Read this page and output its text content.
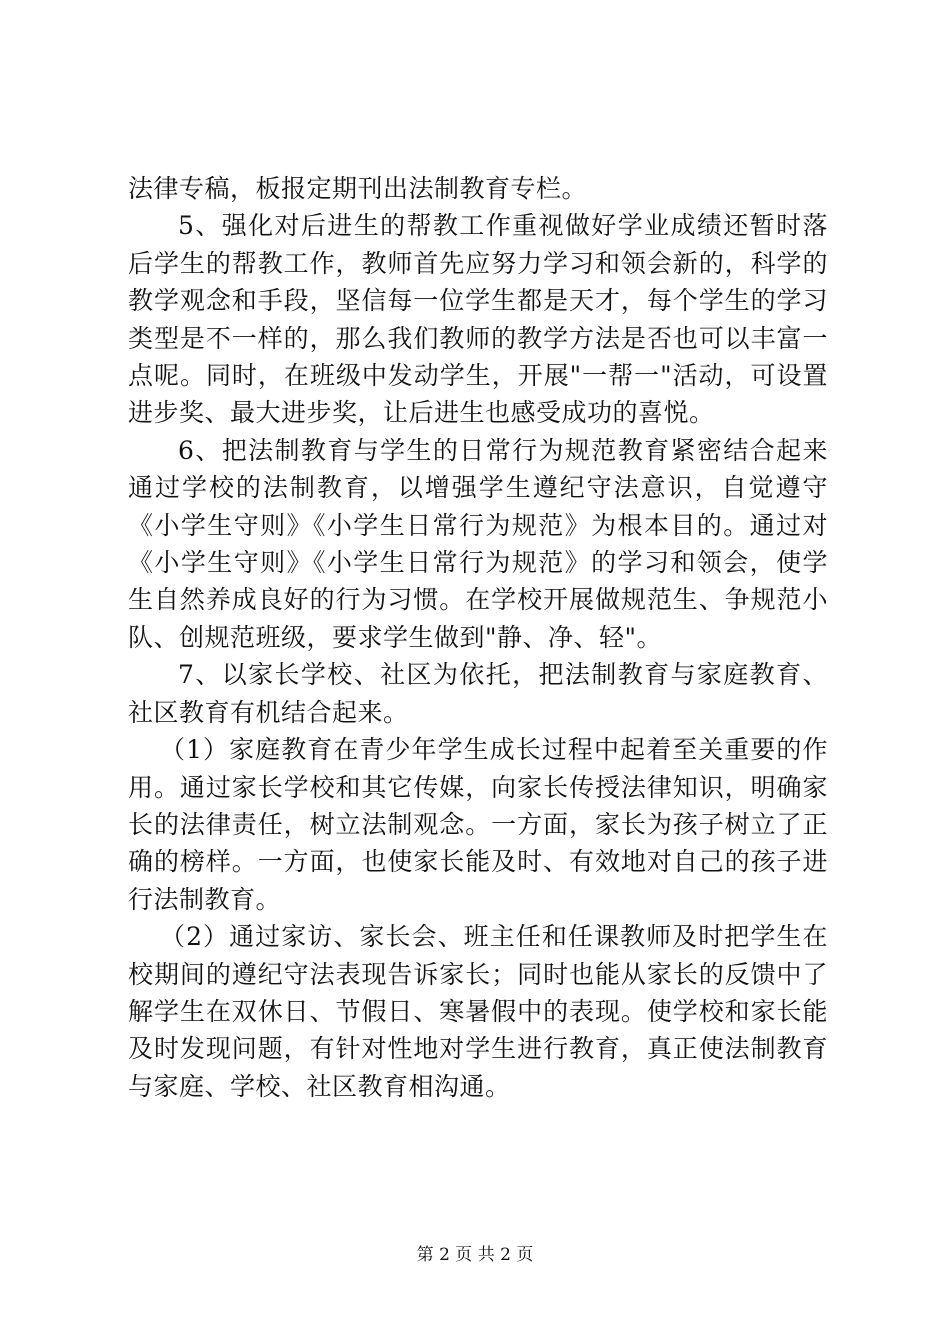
法律专稿，板报定期刊出法制教育专栏。

5、强化对后进生的帮教工作重视做好学业成绩还暂时落后学生的帮教工作，教师首先应努力学习和领会新的，科学的教学观念和手段，坚信每一位学生都是天才，每个学生的学习类型是不一样的，那么我们教师的教学方法是否也可以丰富一点呢。同时，在班级中发动学生，开展"一帮一"活动，可设置进步奖、最大进步奖，让后进生也感受成功的喜悦。

6、把法制教育与学生的日常行为规范教育紧密结合起来通过学校的法制教育，以增强学生遵纪守法意识，自觉遵守《小学生守则》《小学生日常行为规范》为根本目的。通过对《小学生守则》《小学生日常行为规范》的学习和领会，使学生自然养成良好的行为习惯。在学校开展做规范生、争规范小队、创规范班级，要求学生做到"静、净、轻"。

7、以家长学校、社区为依托，把法制教育与家庭教育、社区教育有机结合起来。

（1）家庭教育在青少年学生成长过程中起着至关重要的作用。通过家长学校和其它传媒，向家长传授法律知识，明确家长的法律责任，树立法制观念。一方面，家长为孩子树立了正确的榜样。一方面，也使家长能及时、有效地对自己的孩子进行法制教育。

（2）通过家访、家长会、班主任和任课教师及时把学生在校期间的遵纪守法表现告诉家长；同时也能从家长的反馈中了解学生在双休日、节假日、寒暑假中的表现。使学校和家长能及时发现问题，有针对性地对学生进行教育，真正使法制教育与家庭、学校、社区教育相沟通。

第 2 页 共 2 页
